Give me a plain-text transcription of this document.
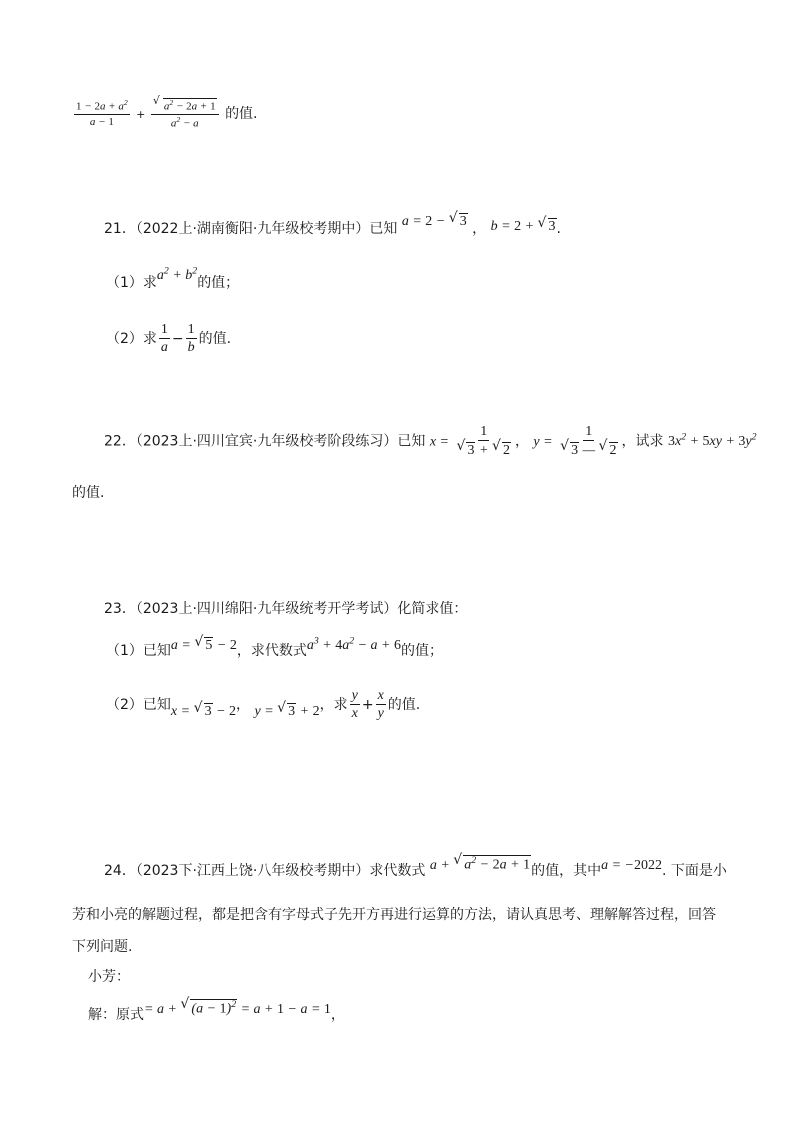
$\frac{1 - 2a + a^2}{a - 1}$ +
√ $\frac{a^2 - 2a + 1}{a^2 - a}$ 的值.
21．（2022上·湖南衡阳·九年级校考期中）已知 a = 2 − √ 3 ， b = 2 + √ 3.
（1）求$a^2 + b^2$的值；
（2）求 $\frac{1}{a} - \frac{1}{b}$ 的值.
22．（2023上·四川宜宾·九年级校考阶段练习）已知 x = 1
√ 3 + √ 2 ， y = 1
√ 3 — √ 2 ，试求 $3x^2 + 5xy + 3y^2$
的值.
23．（2023上·四川绵阳·九年级统考开学考试）化简求值：
（1）已知a = √ 5 − 2，求代数式$a^3 + 4a^2 - a + 6$的值；
（2）已知x = √ 3 − 2， y = √ 3 + 2，求 $\frac{y}{x} + \frac{x}{y}$ 的值.
24．（2023下·江西上饶·八年级校考期中）求代数式 a + √ $a^2 - 2a + 1$的值，其中a = −2022. 下面是小
芳和小亮的解题过程，都是把含有字母式子先开方再进行运算的方法，请认真思考、理解解答过程，回答
下列问题.
小芳：
解：原式= a + √ $(a - 1)^2 = a + 1 - a = 1$，
